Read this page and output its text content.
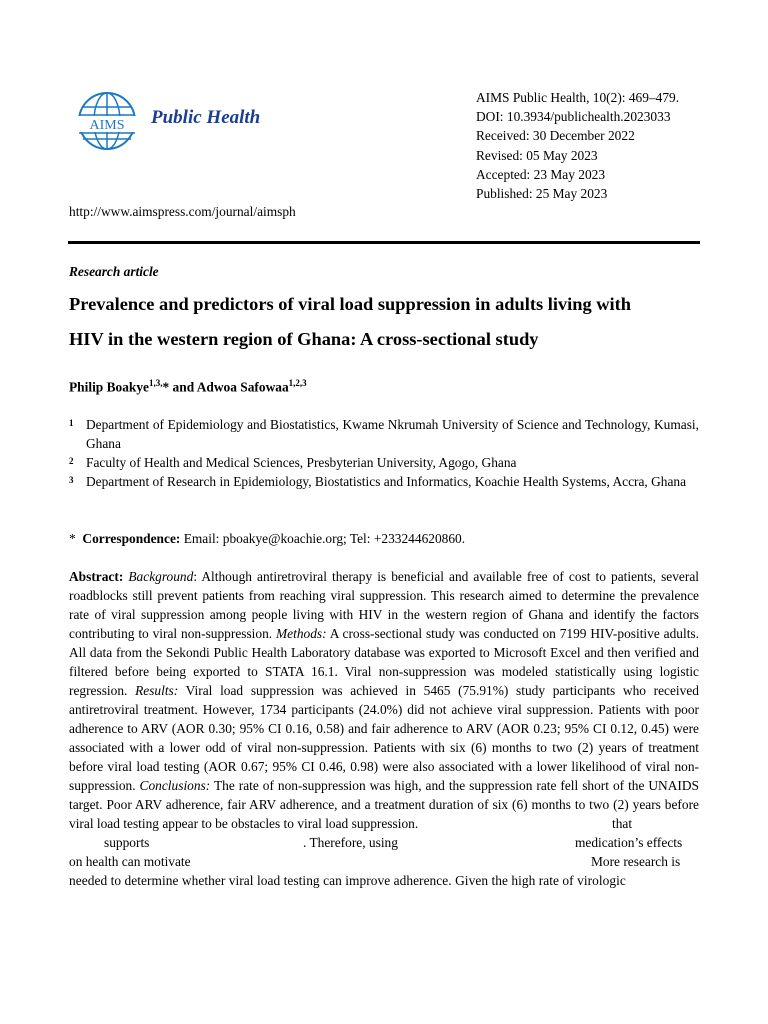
AIMS Public Health
AIMS Public Health, 10(2): 469–479.
DOI: 10.3934/publichealth.2023033
Received: 30 December 2022
Revised: 05 May 2023
Accepted: 23 May 2023
Published: 25 May 2023
http://www.aimspress.com/journal/aimsph
Research article
Prevalence and predictors of viral load suppression in adults living with
HIV in the western region of Ghana: A cross-sectional study
Philip Boakye$^{1,3,}$* and Adwoa Safowaa$^{1,2,3}$
1 Department of Epidemiology and Biostatistics, Kwame Nkrumah University of Science and Technology, Kumasi, Ghana
2 Faculty of Health and Medical Sciences, Presbyterian University, Agogo, Ghana
3 Department of Research in Epidemiology, Biostatistics and Informatics, Koachie Health Systems, Accra, Ghana
* Correspondence: Email: pboakye@koachie.org; Tel: +233244620860.
Abstract: Background: Although antiretroviral therapy is beneficial and available free of cost to patients, several roadblocks still prevent patients from reaching viral suppression. This research aimed to determine the prevalence rate of viral suppression among people living with HIV in the western region of Ghana and identify the factors contributing to viral non-suppression. Methods: A cross-sectional study was conducted on 7199 HIV-positive adults. All data from the Sekondi Public Health Laboratory database was exported to Microsoft Excel and then verified and filtered before being exported to STATA 16.1. Viral non-suppression was modeled statistically using logistic regression. Results: Viral load suppression was achieved in 5465 (75.91%) study participants who received antiretroviral treatment. However, 1734 participants (24.0%) did not achieve viral suppression. Patients with poor adherence to ARV (AOR 0.30; 95% CI 0.16, 0.58) and fair adherence to ARV (AOR 0.23; 95% CI 0.12, 0.45) were associated with a lower odd of viral non-suppression. Patients with six (6) months to two (2) years of treatment before viral load testing (AOR 0.67; 95% CI 0.46, 0.98) were also associated with a lower likelihood of viral non-suppression. Conclusions: The rate of non-suppression was high, and the suppression rate fell short of the UNAIDS target. Poor ARV adherence, fair ARV adherence, and a treatment duration of six (6) months to two (2) years before viral load testing appear to be obstacles to viral load suppression.	that
supports	. Therefore, using	medication’s effects
on health can motivate	More research is
needed to determine whether viral load testing can improve adherence. Given the high rate of virologic
